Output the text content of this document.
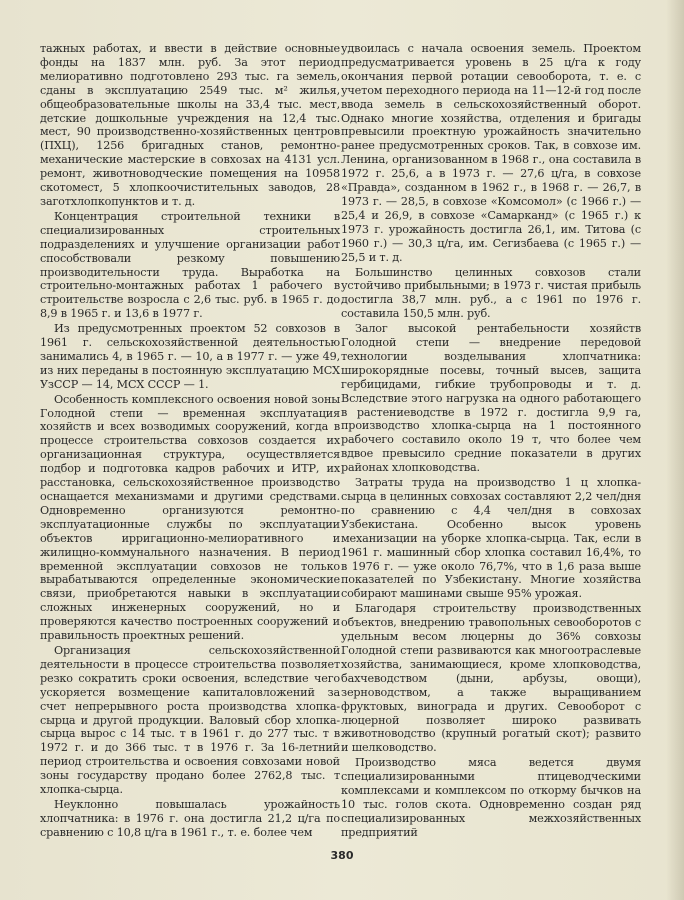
тажных работах, и ввести в действие основные фонды на 1837 млн. руб. За этот период мелиоративно подготовлено 293 тыс. га земель, сданы в эксплуатацию 2549 тыс. м² жилья, общеобразовательные школы на 33,4 тыс. мест, детские дошкольные учреждения на 12,4 тыс. мест, 90 производственно-хозяйственных центров (ПХЦ), 1256 бригадных станов, ремонтно-механические мастерские в совхозах на 4131 усл. ремонт, животноводческие помещения на 10958 скотомест, 5 хлопкоочистительных заводов, 28 заготхлопкопунктов и т. д.

Концентрация строительной техники в специализированных строительных подразделениях и улучшение организации работ способствовали резкому повышению производительности труда. Выработка на строительно-монтажных работах 1 рабочего в строительстве возросла с 2,6 тыс. руб. в 1965 г. до 8,9 в 1965 г. и 13,6 в 1977 г.

Из предусмотренных проектом 52 совхозов в 1961 г. сельскохозяйственной деятельностью занимались 4, в 1965 г. — 10, а в 1977 г. — уже 49, из них переданы в постоянную эксплуатацию МСХ УзССР — 14, МСХ СССР — 1.

Особенность комплексного освоения новой зоны Голодной степи — временная эксплуатация хозяйств и всех возводимых сооружений, когда в процессе строительства совхозов создается их организационная структура, осуществляется подбор и подготовка кадров рабочих и ИТР, их расстановка, сельскохозяйственное производство оснащается механизмами и другими средствами. Одновременно организуются ремонтно-эксплуатационные службы по эксплуатации объектов ирригационно-мелиоративного и жилищно-коммунального назначения. В период временной эксплуатации совхозов не только вырабатываются определенные экономические связи, приобретаются навыки в эксплуатации сложных инженерных сооружений, но и проверяются качество построенных сооружений и правильность проектных решений.

Организация сельскохозяйственной деятельности в процессе строительства позволяет резко сократить сроки освоения, вследствие чего ускоряется возмещение капиталовложений за счет непрерывного роста производства хлопка-сырца и другой продукции. Валовый сбор хлопка-сырца вырос с 14 тыс. т в 1961 г. до 277 тыс. т в 1972 г. и до 366 тыс. т в 1976 г. За 16-летний период строительства и освоения совхозами новой зоны государству продано более 2762,8 тыс. т хлопка-сырца.

Неуклонно повышалась урожайность хлопчатника: в 1976 г. она достигла 21,2 ц/га по сравнению с 10,8 ц/га в 1961 г., т. е. более чем

удвоилась с начала освоения земель. Проектом предусматривается уровень в 25 ц/га к году окончания первой ротации севооборота, т. е. с учетом переходного периода на 11—12-й год после ввода земель в сельскохозяйственный оборот. Однако многие хозяйства, отделения и бригады превысили проектную урожайность значительно ранее предусмотренных сроков. Так, в совхозе им. Ленина, организованном в 1968 г., она составила в 1972 г. 25,6, а в 1973 г. — 27,6 ц/га, в совхозе «Правда», созданном в 1962 г., в 1968 г. — 26,7, в 1973 г. — 28,5, в совхозе «Комсомол» (с 1966 г.) — 25,4 и 26,9, в совхозе «Самарканд» (с 1965 г.) к 1973 г. урожайность достигла 26,1, им. Титова (с 1960 г.) — 30,3 ц/га, им. Сегизбаева (с 1965 г.) — 25,5 и т. д.

Большинство целинных совхозов стали устойчиво прибыльными; в 1973 г. чистая прибыль достигла 38,7 млн. руб., а с 1961 по 1976 г. составила 150,5 млн. руб.

Залог высокой рентабельности хозяйств Голодной степи — внедрение передовой технологии возделывания хлопчатника: широкорядные посевы, точный высев, защита гербицидами, гибкие трубопроводы и т. д. Вследствие этого нагрузка на одного работающего в растениеводстве в 1972 г. достигла 9,9 га, производство хлопка-сырца на 1 постоянного рабочего составило около 19 т, что более чем вдвое превысило средние показатели в других районах хлопководства.

Затраты труда на производство 1 ц хлопка-сырца в целинных совхозах составляют 2,2 чел/дня по сравнению с 4,4 чел/дня в совхозах Узбекистана. Особенно высок уровень механизации на уборке хлопка-сырца. Так, если в 1961 г. машинный сбор хлопка составил 16,4%, то в 1976 г. — уже около 76,7%, что в 1,6 раза выше показателей по Узбекистану. Многие хозяйства собирают машинами свыше 95% урожая.

Благодаря строительству производственных объектов, внедрению травопольных севооборотов с удельным весом люцерны до 36% совхозы Голодной степи развиваются как многоотраслевые хозяйства, занимающиеся, кроме хлопководства, бахчеводством (дыни, арбузы, овощи), зерноводством, а также выращиванием фруктовых, винограда и других. Севооборот с люцерной позволяет широко развивать животноводство (крупный рогатый скот); развито и шелководство.

Производство мяса ведется двумя специализированными птицеводческими комплексами и комплексом по откорму бычков на 10 тыс. голов скота. Одновременно создан ряд специализированных межхозяйственных предприятий

380
